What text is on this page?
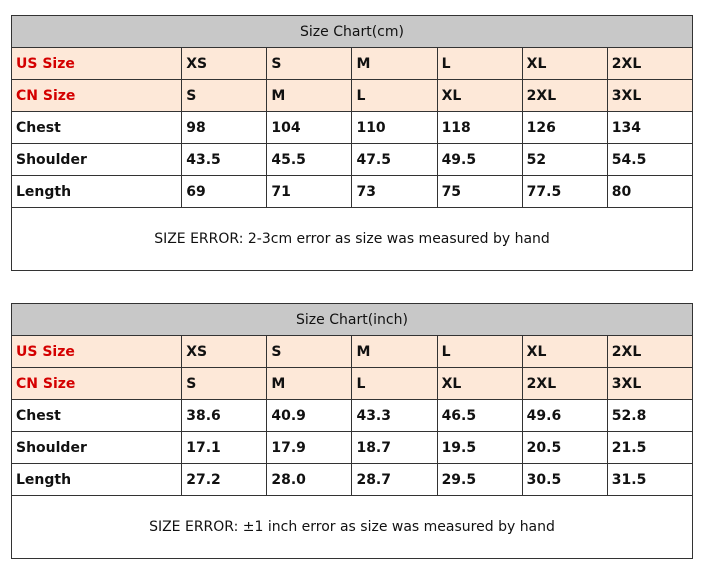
Size Chart(cm)						
US Size	XS	S	M	L	XL	2XL
CN Size	S	M	L	XL	2XL	3XL
Chest	98	104	110	118	126	134
Shoulder	43.5	45.5	47.5	49.5	52	54.5
Length	69	71	73	75	77.5	80
SIZE ERROR: 2-3cm error as size was measured by hand						
Size Chart(inch)						
US Size	XS	S	M	L	XL	2XL
CN Size	S	M	L	XL	2XL	3XL
Chest	38.6	40.9	43.3	46.5	49.6	52.8
Shoulder	17.1	17.9	18.7	19.5	20.5	21.5
Length	27.2	28.0	28.7	29.5	30.5	31.5
SIZE ERROR: ±1 inch error as size was measured by hand						
